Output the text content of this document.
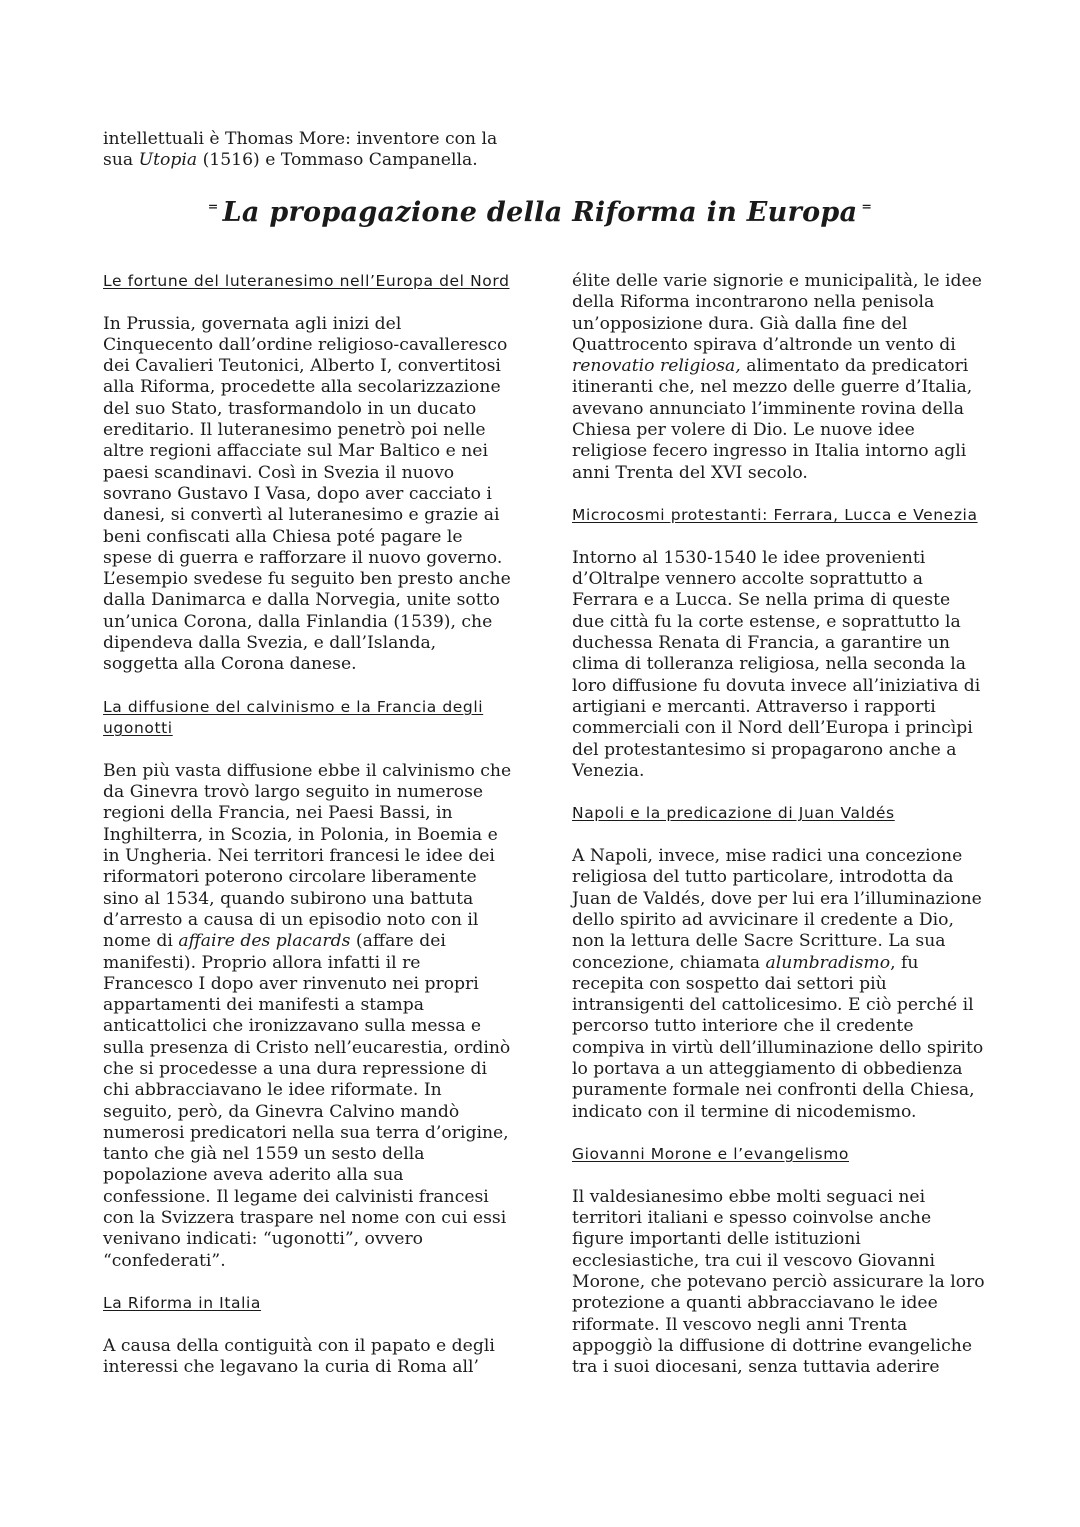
intellettuali è Thomas More: inventore con la

sua Utopia (1516) e Tommaso Campanella.

⁼ La propagazione della Riforma in Europa ⁼
Le fortune del luteranesimo nell’Europa del Nord

In Prussia, governata agli inizi del Cinquecento dall’ordine religioso-cavalleresco dei Cavalieri Teutonici, Alberto I, convertitosi alla Riforma, procedette alla secolarizzazione del suo Stato, trasformandolo in un ducato ereditario. Il luteranesimo penetrò poi nelle altre regioni affacciate sul Mar Baltico e nei paesi scandinavi. Così in Svezia il nuovo sovrano Gustavo I Vasa, dopo aver cacciato i danesi, si convertì al luteranesimo e grazie ai beni confiscati alla Chiesa poté pagare le spese di guerra e rafforzare il nuovo governo. L’esempio svedese fu seguito ben presto anche dalla Danimarca e dalla Norvegia, unite sotto un’unica Corona, dalla Finlandia (1539), che dipendeva dalla Svezia, e dall’Islanda, soggetta alla Corona danese.

La diffusione del calvinismo e la Francia degli ugonotti

Ben più vasta diffusione ebbe il calvinismo che da Ginevra trovò largo seguito in numerose regioni della Francia, nei Paesi Bassi, in Inghilterra, in Scozia, in Polonia, in Boemia e in Ungheria. Nei territori francesi le idee dei riformatori poterono circolare liberamente sino al 1534, quando subirono una battuta d’arresto a causa di un episodio noto con il nome di affaire des placards (affare dei manifesti). Proprio allora infatti il re Francesco I dopo aver rinvenuto nei propri appartamenti dei manifesti a stampa anticattolici che ironizzavano sulla messa e sulla presenza di Cristo nell’eucarestia, ordinò che si procedesse a una dura repressione di chi abbracciavano le idee riformate. In seguito, però, da Ginevra Calvino mandò numerosi predicatori nella sua terra d’origine, tanto che già nel 1559 un sesto della popolazione aveva aderito alla sua confessione. Il legame dei calvinisti francesi con la Svizzera traspare nel nome con cui essi venivano indicati: “ugonotti”, ovvero “confederati”.

La Riforma in Italia

A causa della contiguità con il papato e degli interessi che legavano la curia di Roma all’

élite delle varie signorie e municipalità, le idee della Riforma incontrarono nella penisola un’opposizione dura. Già dalla fine del Quattrocento spirava d’altronde un vento di renovatio religiosa, alimentato da predicatori itineranti che, nel mezzo delle guerre d’Italia, avevano annunciato l’imminente rovina della Chiesa per volere di Dio. Le nuove idee religiose fecero ingresso in Italia intorno agli anni Trenta del XVI secolo.

Microcosmi protestanti: Ferrara, Lucca e Venezia

Intorno al 1530-1540 le idee provenienti d’Oltralpe vennero accolte soprattutto a Ferrara e a Lucca. Se nella prima di queste due città fu la corte estense, e soprattutto la duchessa Renata di Francia, a garantire un clima di tolleranza religiosa, nella seconda la loro diffusione fu dovuta invece all’iniziativa di artigiani e mercanti. Attraverso i rapporti commerciali con il Nord dell’Europa i princìpi del protestantesimo si propagarono anche a Venezia.

Napoli e la predicazione di Juan Valdés

A Napoli, invece, mise radici una concezione religiosa del tutto particolare, introdotta da Juan de Valdés, dove per lui era l’illuminazione dello spirito ad avvicinare il credente a Dio, non la lettura delle Sacre Scritture. La sua concezione, chiamata alumbradismo, fu recepita con sospetto dai settori più intransigenti del cattolicesimo. E ciò perché il percorso tutto interiore che il credente compiva in virtù dell’illuminazione dello spirito lo portava a un atteggiamento di obbedienza puramente formale nei confronti della Chiesa, indicato con il termine di nicodemismo.

Giovanni Morone e l’evangelismo

Il valdesianesimo ebbe molti seguaci nei territori italiani e spesso coinvolse anche figure importanti delle istituzioni ecclesiastiche, tra cui il vescovo Giovanni Morone, che potevano perciò assicurare la loro protezione a quanti abbracciavano le idee riformate. Il vescovo negli anni Trenta appoggiò la diffusione di dottrine evangeliche tra i suoi diocesani, senza tuttavia aderire
